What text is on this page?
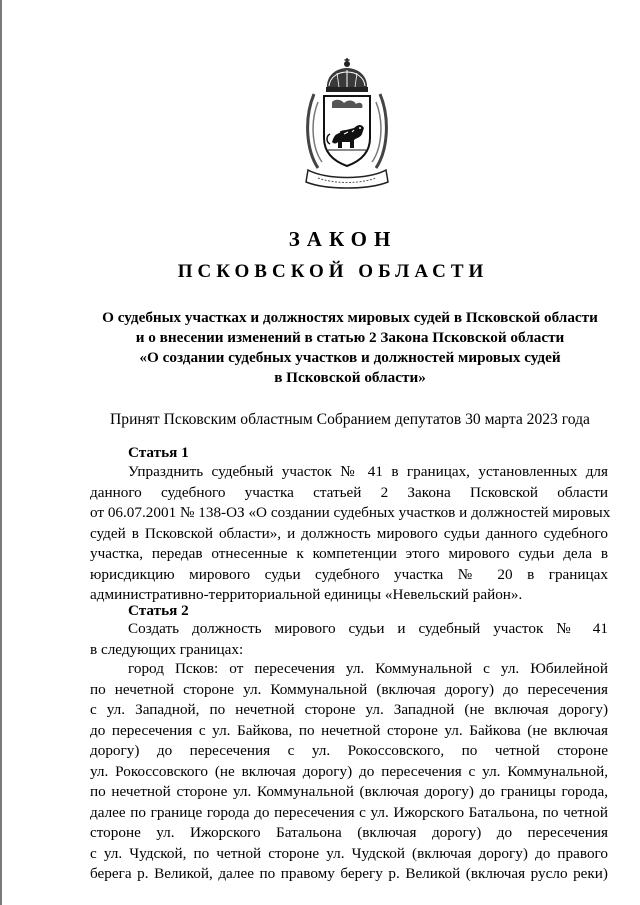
ЗАКОН
ПСКОВСКОЙ ОБЛАСТИ
О судебных участках и должностях мировых судей в Псковской области
и о внесении изменений в статью 2 Закона Псковской области
«О создании судебных участков и должностей мировых судей
в Псковской области»
Принят Псковским областным Собранием депутатов 30 марта 2023 года
Статья 1
Упразднить судебный участок № 41 в границах, установленных для
данного судебного участка статьей 2 Закона Псковской области
от 06.07.2001 № 138-ОЗ «О создании судебных участков и должностей мировых
судей в Псковской области», и должность мирового судьи данного судебного
участка, передав отнесенные к компетенции этого мирового судьи дела в
юрисдикцию мирового судьи судебного участка № 20 в границах
административно-территориальной единицы «Невельский район».
Статья 2
Создать должность мирового судьи и судебный участок № 41
в следующих границах:
город Псков: от пересечения ул. Коммунальной с ул. Юбилейной
по нечетной стороне ул. Коммунальной (включая дорогу) до пересечения
с ул. Западной, по нечетной стороне ул. Западной (не включая дорогу)
до пересечения с ул. Байкова, по нечетной стороне ул. Байкова (не включая
дорогу) до пересечения с ул. Рокоссовского, по четной стороне
ул. Рокоссовского (не включая дорогу) до пересечения с ул. Коммунальной,
по нечетной стороне ул. Коммунальной (включая дорогу) до границы города,
далее по границе города до пересечения с ул. Ижорского Батальона, по четной
стороне ул. Ижорского Батальона (включая дорогу) до пересечения
с ул. Чудской, по четной стороне ул. Чудской (включая дорогу) до правого
берега р. Великой, далее по правому берегу р. Великой (включая русло реки)
